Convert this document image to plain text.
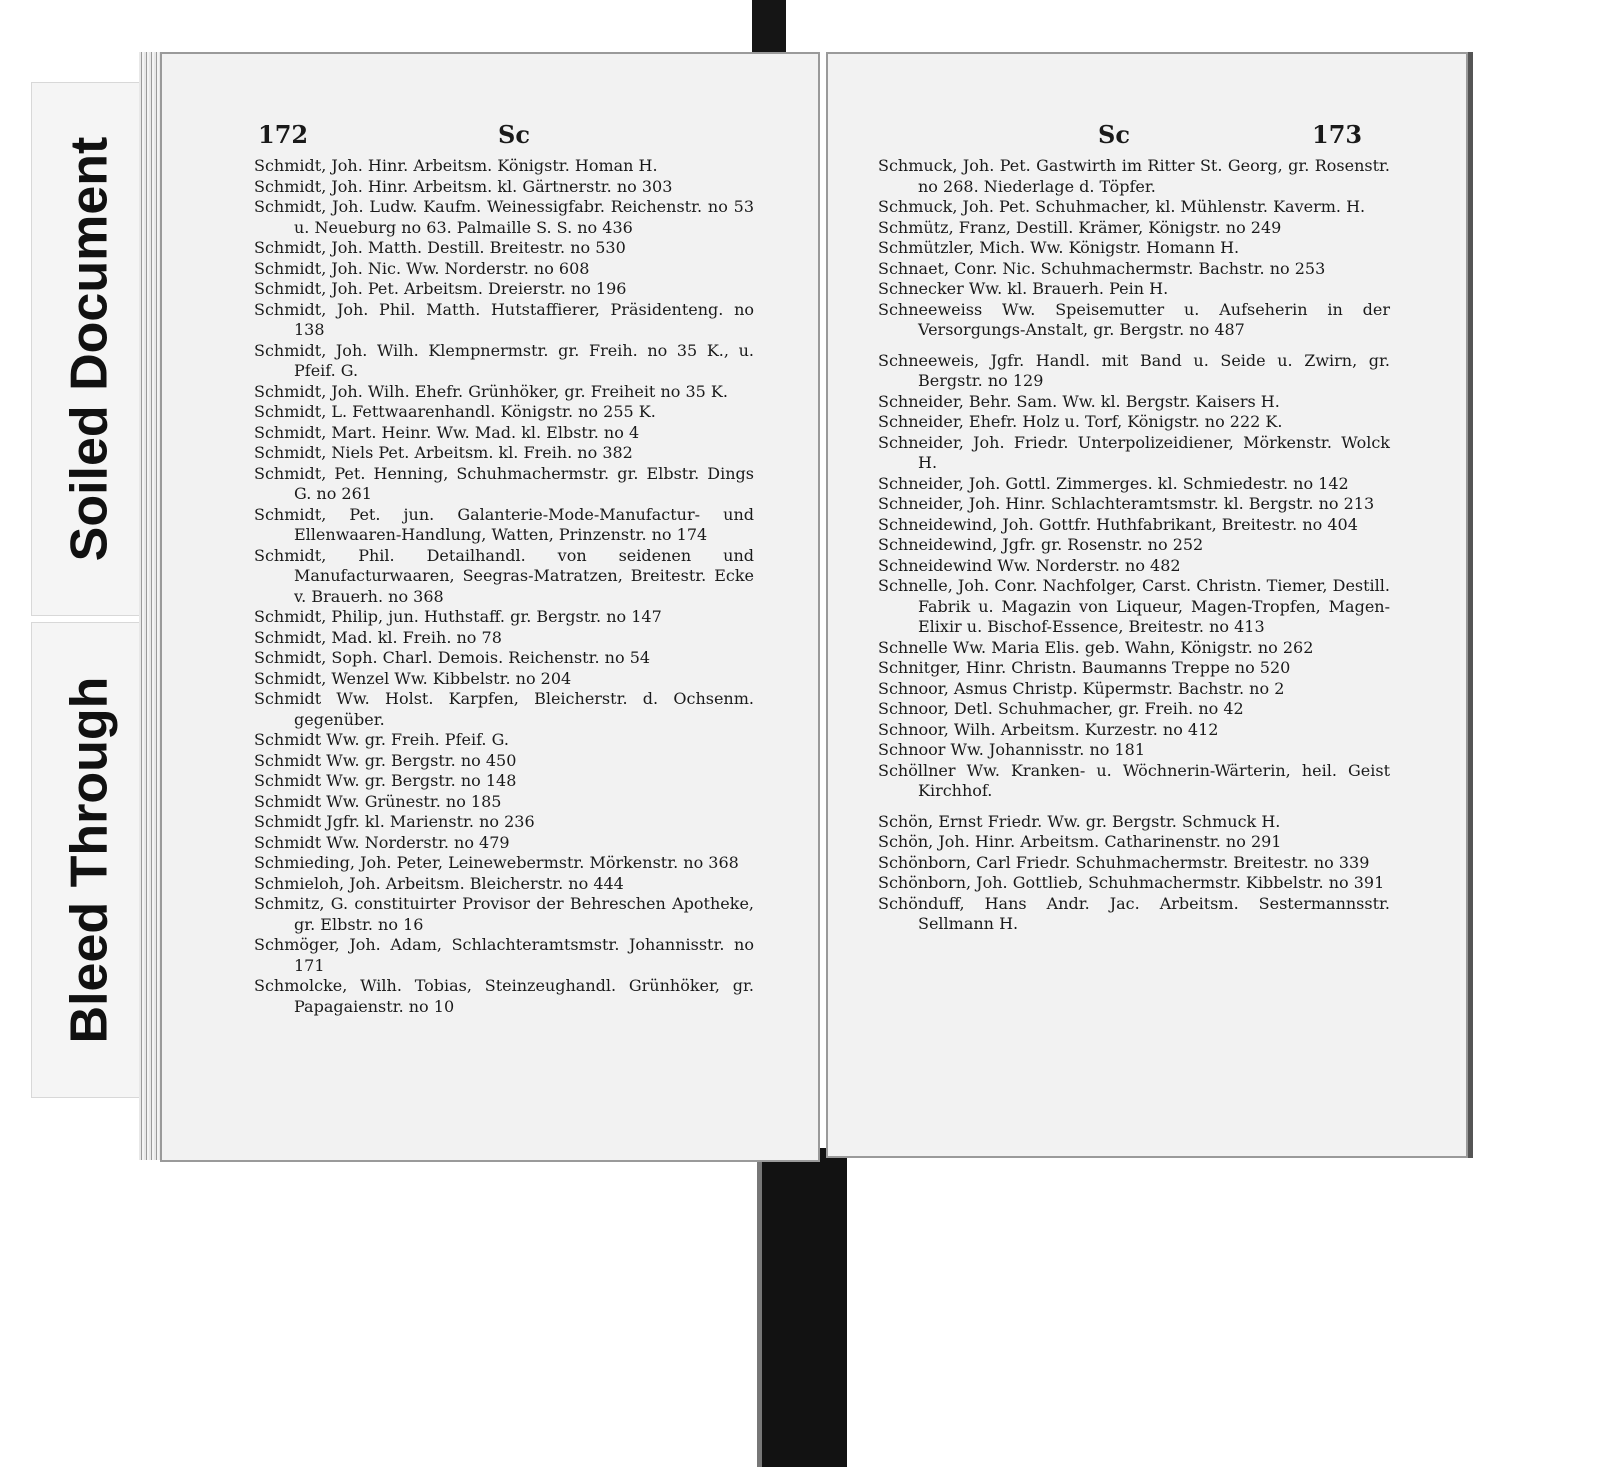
Soiled Document
Bleed Through
172	Sc
Schmidt, Joh. Hinr. Arbeitsm. Königstr. Homan H.
Schmidt, Joh. Hinr. Arbeitsm. kl. Gärtnerstr. no 303
Schmidt, Joh. Ludw. Kaufm. Weinessigfabr. Reichenstr. no 53 u. Neueburg no 63. Palmaille S. S. no 436
Schmidt, Joh. Matth. Destill. Breitestr. no 530
Schmidt, Joh. Nic. Ww. Norderstr. no 608
Schmidt, Joh. Pet. Arbeitsm. Dreierstr. no 196
Schmidt, Joh. Phil. Matth. Hutstaffierer, Präsidenteng. no 138
Schmidt, Joh. Wilh. Klempnermstr. gr. Freih. no 35 K., u. Pfeif. G.
Schmidt, Joh. Wilh. Ehefr. Grünhöker, gr. Freiheit no 35 K.
Schmidt, L. Fettwaarenhandl. Königstr. no 255 K.
Schmidt, Mart. Heinr. Ww. Mad. kl. Elbstr. no 4
Schmidt, Niels Pet. Arbeitsm. kl. Freih. no 382
Schmidt, Pet. Henning, Schuhmachermstr. gr. Elbstr. Dings G. no 261
Schmidt, Pet. jun. Galanterie-Mode-Manufactur- und Ellenwaaren-Handlung, Watten, Prinzenstr. no 174
Schmidt, Phil. Detailhandl. von seidenen und Manufacturwaaren, Seegras-Matratzen, Breitestr. Ecke v. Brauerh. no 368
Schmidt, Philip, jun. Huthstaff. gr. Bergstr. no 147
Schmidt, Mad. kl. Freih. no 78
Schmidt, Soph. Charl. Demois. Reichenstr. no 54
Schmidt, Wenzel Ww. Kibbelstr. no 204
Schmidt Ww. Holst. Karpfen, Bleicherstr. d. Ochsenm. gegenüber.
Schmidt Ww. gr. Freih. Pfeif. G.
Schmidt Ww. gr. Bergstr. no 450
Schmidt Ww. gr. Bergstr. no 148
Schmidt Ww. Grünestr. no 185
Schmidt Jgfr. kl. Marienstr. no 236
Schmidt Ww. Norderstr. no 479
Schmieding, Joh. Peter, Leinewebermstr. Mörkenstr. no 368
Schmieloh, Joh. Arbeitsm. Bleicherstr. no 444
Schmitz, G. constituirter Provisor der Behreschen Apotheke, gr. Elbstr. no 16
Schmöger, Joh. Adam, Schlachteramtsmstr. Johannisstr. no 171
Schmolcke, Wilh. Tobias, Steinzeughandl. Grünhöker, gr. Papagaienstr. no 10
Sc	173
Schmuck, Joh. Pet. Gastwirth im Ritter St. Georg, gr. Rosenstr. no 268. Niederlage d. Töpfer.
Schmuck, Joh. Pet. Schuhmacher, kl. Mühlenstr. Kaverm. H.
Schmütz, Franz, Destill. Krämer, Königstr. no 249
Schmützler, Mich. Ww. Königstr. Homann H.
Schnaet, Conr. Nic. Schuhmachermstr. Bachstr. no 253
Schnecker Ww. kl. Brauerh. Pein H.
Schneeweiss Ww. Speisemutter u. Aufseherin in der Versorgungs-Anstalt, gr. Bergstr. no 487
Schneeweis, Jgfr. Handl. mit Band u. Seide u. Zwirn, gr. Bergstr. no 129
Schneider, Behr. Sam. Ww. kl. Bergstr. Kaisers H.
Schneider, Ehefr. Holz u. Torf, Königstr. no 222 K.
Schneider, Joh. Friedr. Unterpolizeidiener, Mörkenstr. Wolck H.
Schneider, Joh. Gottl. Zimmerges. kl. Schmiedestr. no 142
Schneider, Joh. Hinr. Schlachteramtsmstr. kl. Bergstr. no 213
Schneidewind, Joh. Gottfr. Huthfabrikant, Breitestr. no 404
Schneidewind, Jgfr. gr. Rosenstr. no 252
Schneidewind Ww. Norderstr. no 482
Schnelle, Joh. Conr. Nachfolger, Carst. Christn. Tiemer, Destill. Fabrik u. Magazin von Liqueur, Magen-Tropfen, Magen-Elixir u. Bischof-Essence, Breitestr. no 413
Schnelle Ww. Maria Elis. geb. Wahn, Königstr. no 262
Schnitger, Hinr. Christn. Baumanns Treppe no 520
Schnoor, Asmus Christp. Küpermstr. Bachstr. no 2
Schnoor, Detl. Schuhmacher, gr. Freih. no 42
Schnoor, Wilh. Arbeitsm. Kurzestr. no 412
Schnoor Ww. Johannisstr. no 181
Schöllner Ww. Kranken- u. Wöchnerin-Wärterin, heil. Geist Kirchhof.
Schön, Ernst Friedr. Ww. gr. Bergstr. Schmuck H.
Schön, Joh. Hinr. Arbeitsm. Catharinenstr. no 291
Schönborn, Carl Friedr. Schuhmachermstr. Breitestr. no 339
Schönborn, Joh. Gottlieb, Schuhmachermstr. Kibbelstr. no 391
Schönduff, Hans Andr. Jac. Arbeitsm. Sestermannsstr. Sellmann H.
